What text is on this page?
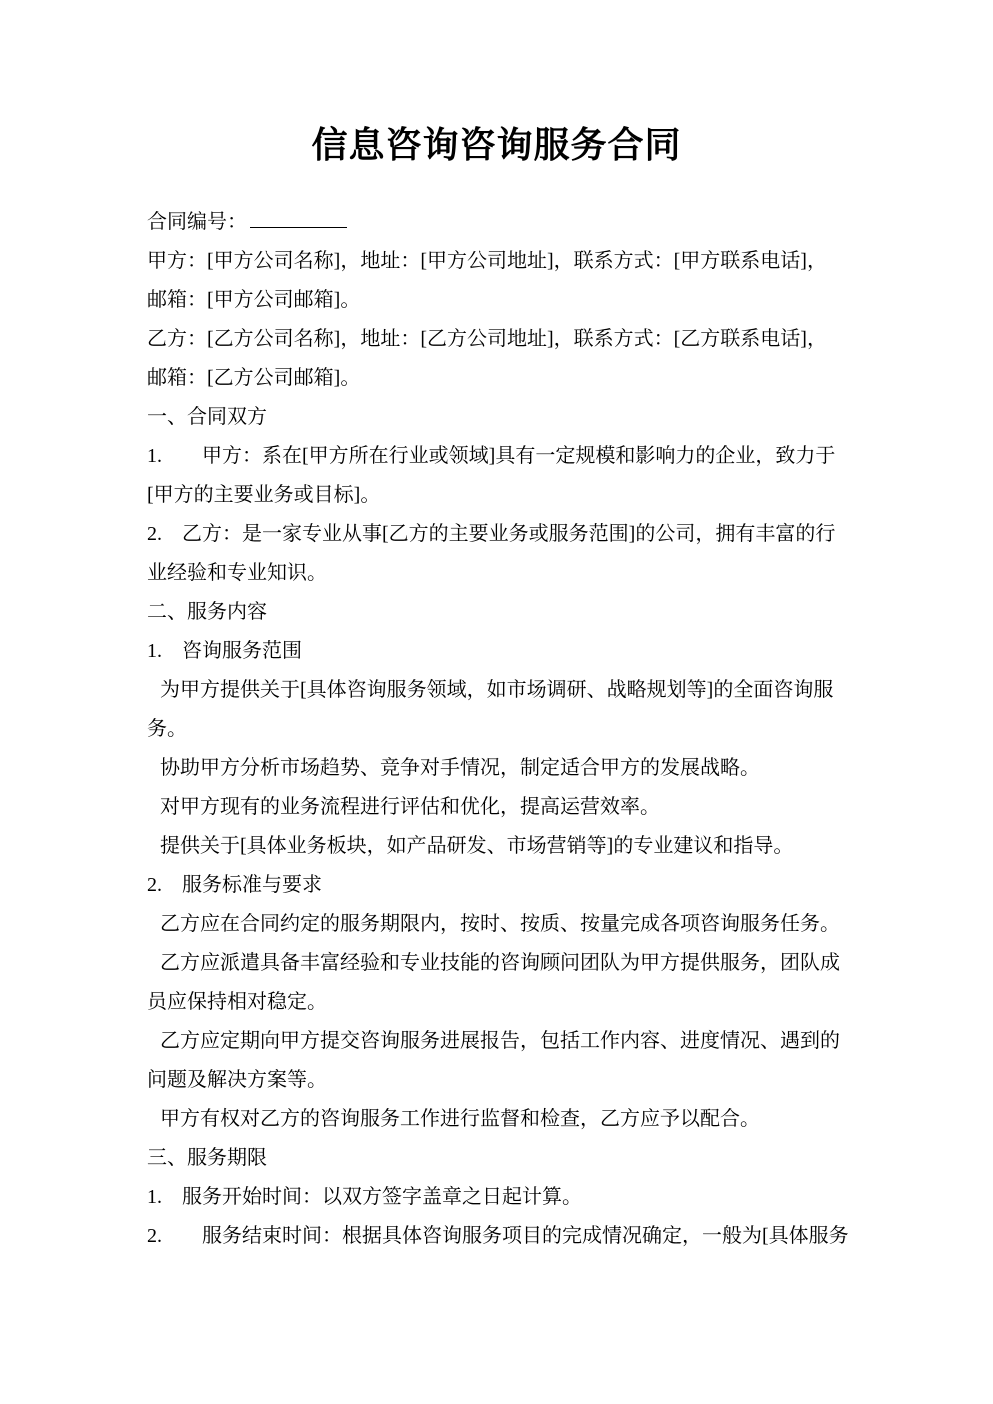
信息咨询咨询服务合同
合同编号：
甲方：[甲方公司名称]，地址：[甲方公司地址]，联系方式：[甲方联系电话]，
邮箱：[甲方公司邮箱]。
乙方：[乙方公司名称]，地址：[乙方公司地址]，联系方式：[乙方联系电话]，
邮箱：[乙方公司邮箱]。
一、合同双方
1.　　甲方：系在[甲方所在行业或领域]具有一定规模和影响力的企业，致力于
[甲方的主要业务或目标]。
2.　乙方：是一家专业从事[乙方的主要业务或服务范围]的公司，拥有丰富的行
业经验和专业知识。
二、服务内容
1.　咨询服务范围
为甲方提供关于[具体咨询服务领域，如市场调研、战略规划等]的全面咨询服
务。
协助甲方分析市场趋势、竞争对手情况，制定适合甲方的发展战略。
对甲方现有的业务流程进行评估和优化，提高运营效率。
提供关于[具体业务板块，如产品研发、市场营销等]的专业建议和指导。
2.　服务标准与要求
乙方应在合同约定的服务期限内，按时、按质、按量完成各项咨询服务任务。
乙方应派遣具备丰富经验和专业技能的咨询顾问团队为甲方提供服务，团队成
员应保持相对稳定。
乙方应定期向甲方提交咨询服务进展报告，包括工作内容、进度情况、遇到的
问题及解决方案等。
甲方有权对乙方的咨询服务工作进行监督和检查，乙方应予以配合。
三、服务期限
1.　服务开始时间：以双方签字盖章之日起计算。
2.　　服务结束时间：根据具体咨询服务项目的完成情况确定，一般为[具体服务
